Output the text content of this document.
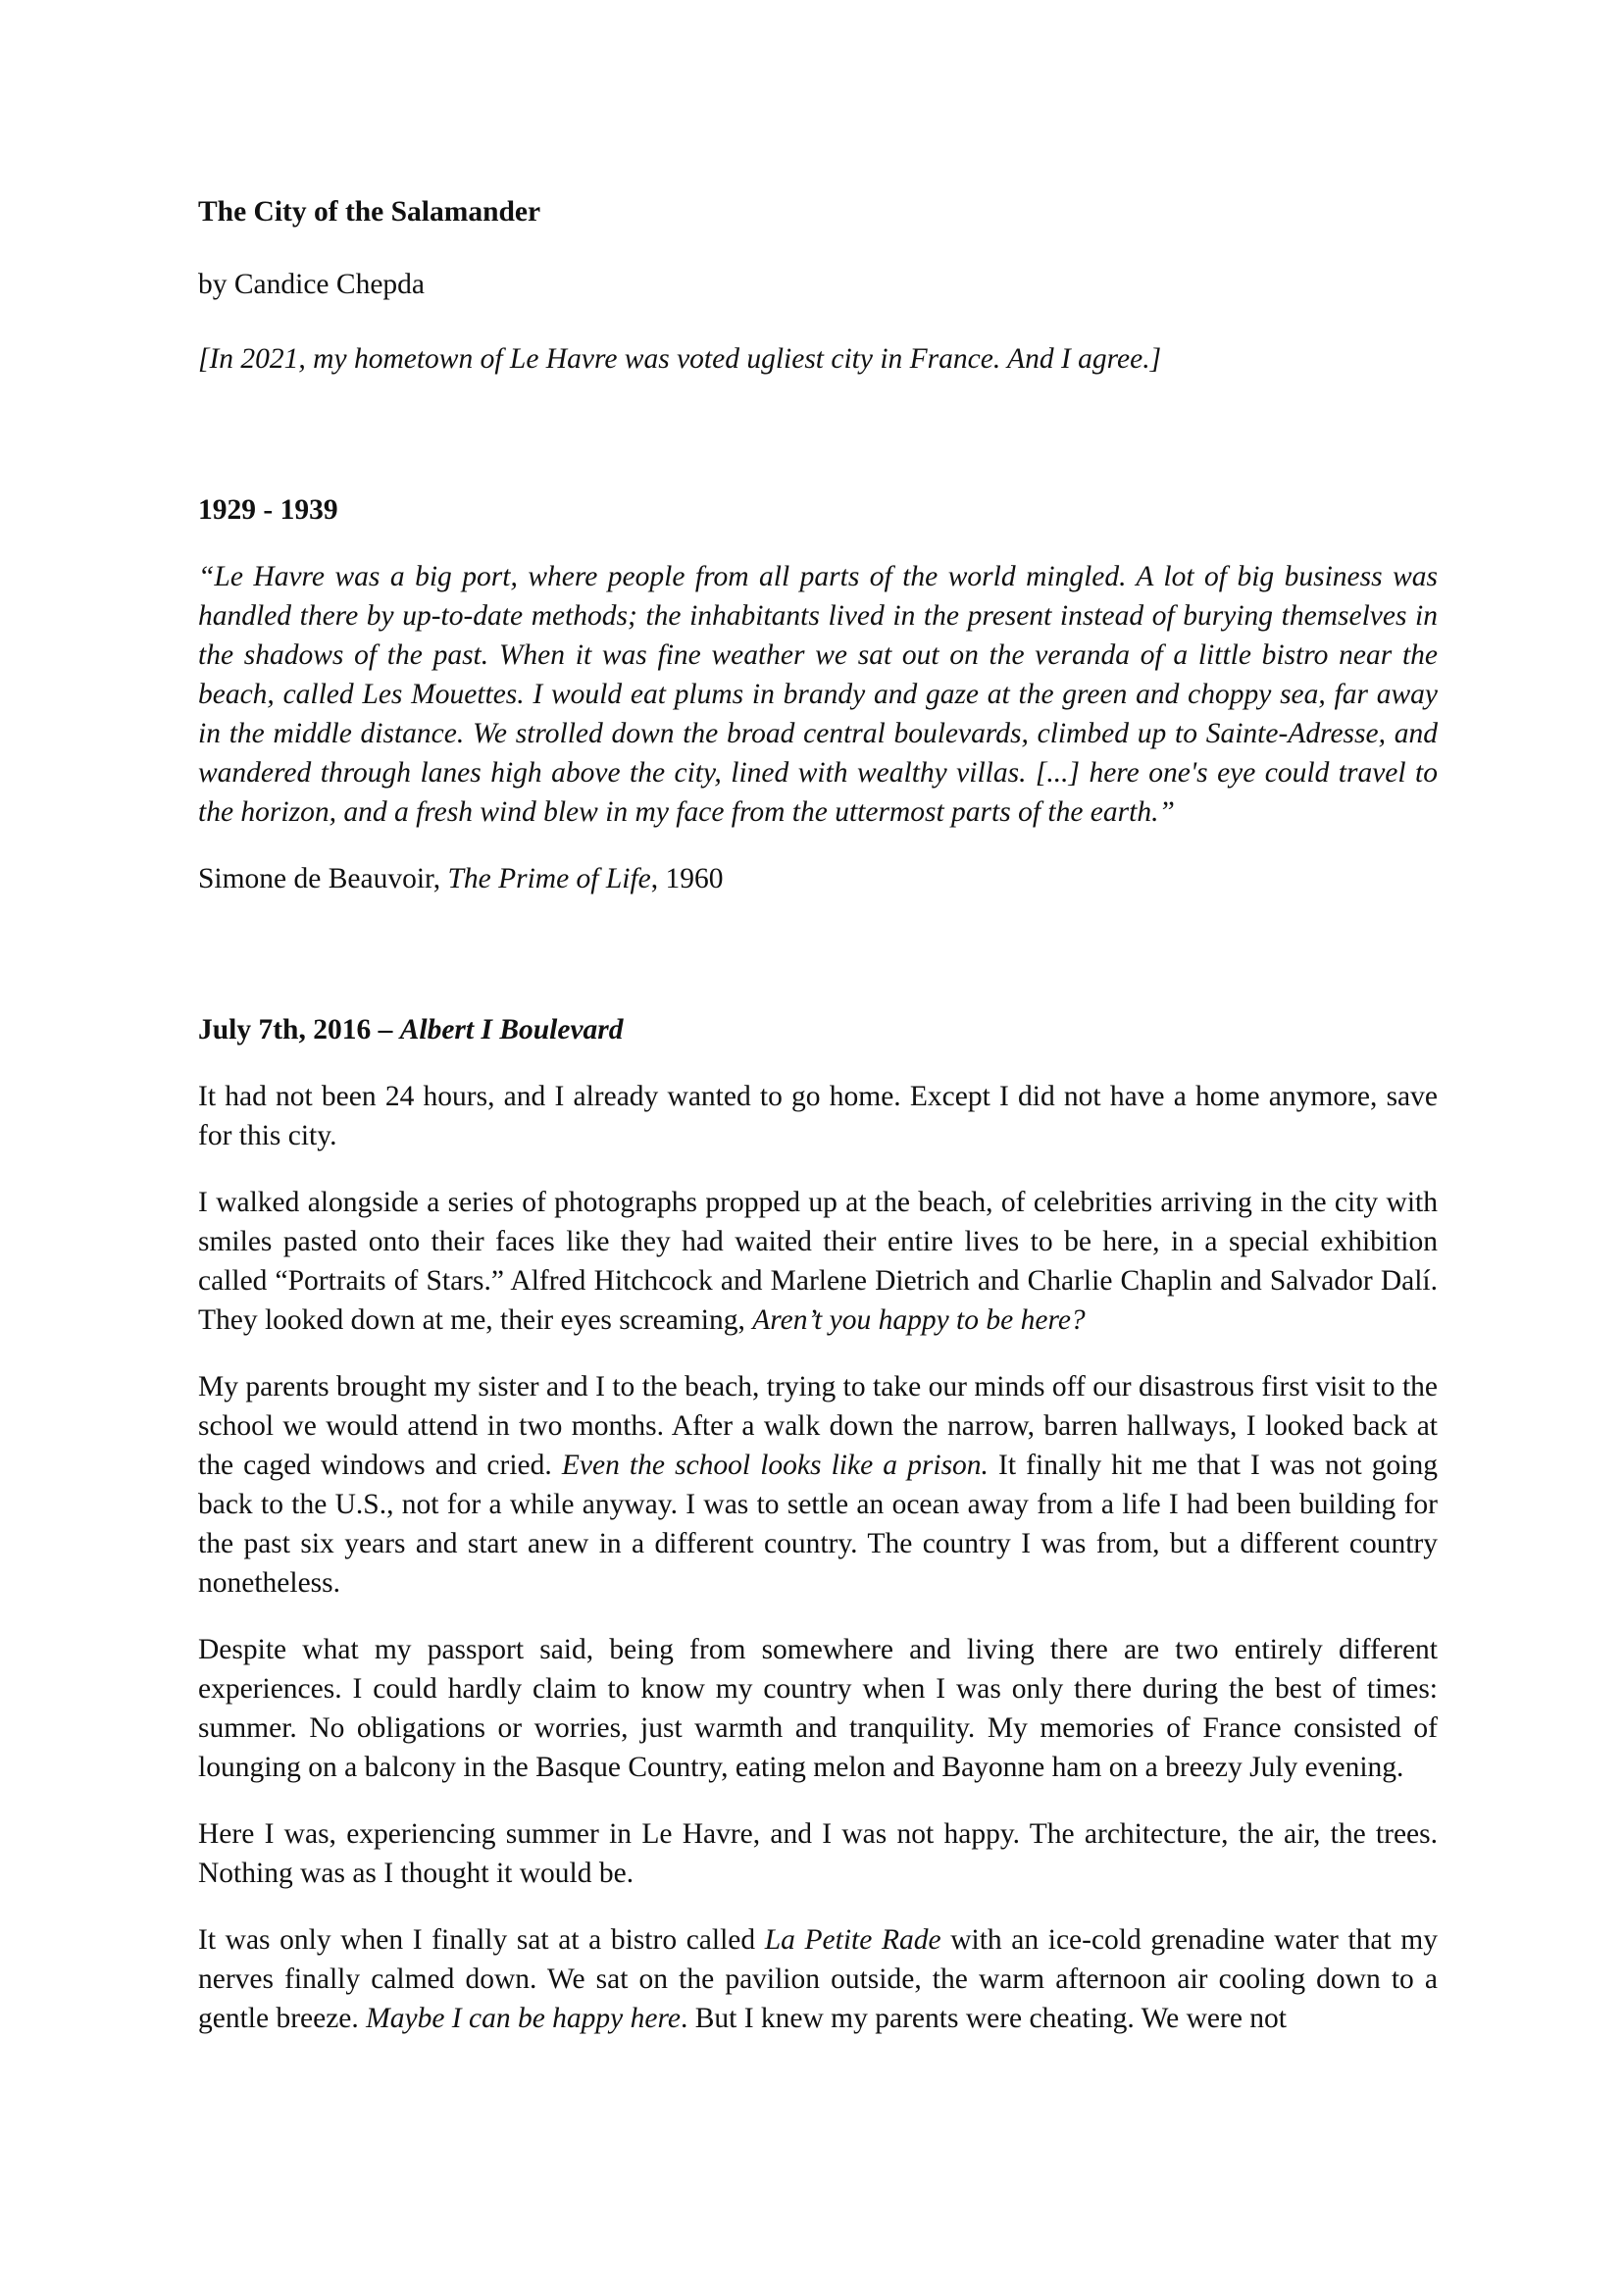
The City of the Salamander

by Candice Chepda

[In 2021, my hometown of Le Havre was voted ugliest city in France. And I agree.]

1929 - 1939

“Le Havre was a big port, where people from all parts of the world mingled. A lot of big business was handled there by up-to-date methods; the inhabitants lived in the present instead of burying themselves in the shadows of the past. When it was fine weather we sat out on the veranda of a little bistro near the beach, called Les Mouettes. I would eat plums in brandy and gaze at the green and choppy sea, far away in the middle distance. We strolled down the broad central boulevards, climbed up to Sainte-Adresse, and wandered through lanes high above the city, lined with wealthy villas. [...] here one's eye could travel to the horizon, and a fresh wind blew in my face from the uttermost parts of the earth.”

Simone de Beauvoir, The Prime of Life, 1960

July 7th, 2016 – Albert I Boulevard

It had not been 24 hours, and I already wanted to go home. Except I did not have a home anymore, save for this city.

I walked alongside a series of photographs propped up at the beach, of celebrities arriving in the city with smiles pasted onto their faces like they had waited their entire lives to be here, in a special exhibition called “Portraits of Stars.” Alfred Hitchcock and Marlene Dietrich and Charlie Chaplin and Salvador Dalí. They looked down at me, their eyes screaming, Aren’t you happy to be here?

My parents brought my sister and I to the beach, trying to take our minds off our disastrous first visit to the school we would attend in two months. After a walk down the narrow, barren hallways, I looked back at the caged windows and cried. Even the school looks like a prison. It finally hit me that I was not going back to the U.S., not for a while anyway. I was to settle an ocean away from a life I had been building for the past six years and start anew in a different country. The country I was from, but a different country nonetheless.

Despite what my passport said, being from somewhere and living there are two entirely different experiences. I could hardly claim to know my country when I was only there during the best of times: summer. No obligations or worries, just warmth and tranquility. My memories of France consisted of lounging on a balcony in the Basque Country, eating melon and Bayonne ham on a breezy July evening.

Here I was, experiencing summer in Le Havre, and I was not happy. The architecture, the air, the trees. Nothing was as I thought it would be.

It was only when I finally sat at a bistro called La Petite Rade with an ice-cold grenadine water that my nerves finally calmed down. We sat on the pavilion outside, the warm afternoon air cooling down to a gentle breeze. Maybe I can be happy here. But I knew my parents were cheating. We were not
